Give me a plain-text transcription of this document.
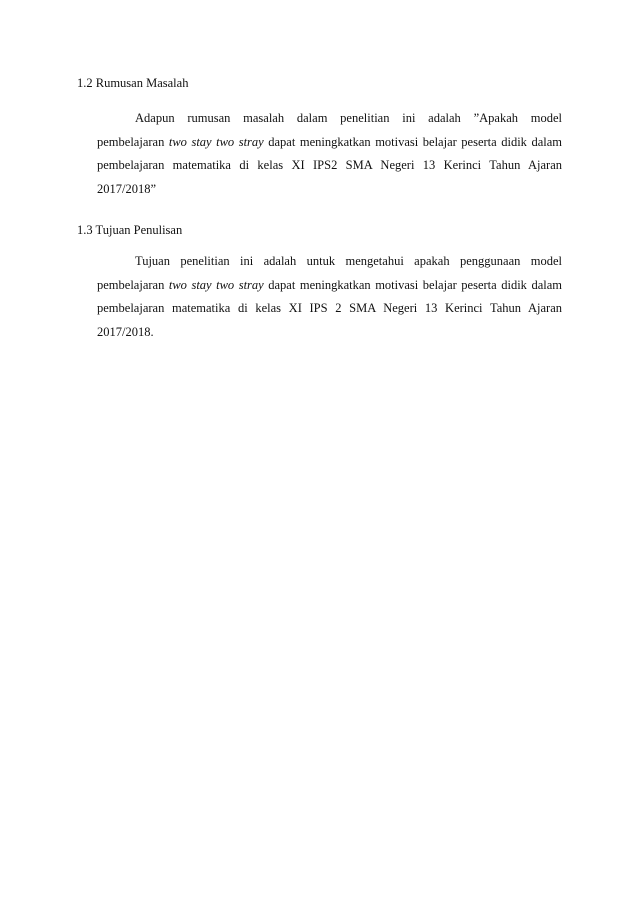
1.2 Rumusan Masalah
Adapun rumusan masalah dalam penelitian ini adalah ”Apakah model
pembelajaran two stay two stray dapat meningkatkan motivasi belajar peserta didik dalam
pembelajaran matematika di kelas XI IPS2 SMA Negeri 13 Kerinci Tahun Ajaran
2017/2018”
1.3 Tujuan Penulisan
Tujuan penelitian ini adalah untuk mengetahui apakah penggunaan model
pembelajaran two stay two stray dapat meningkatkan motivasi belajar peserta didik dalam
pembelajaran matematika di kelas XI IPS 2 SMA Negeri 13 Kerinci Tahun Ajaran
2017/2018.
